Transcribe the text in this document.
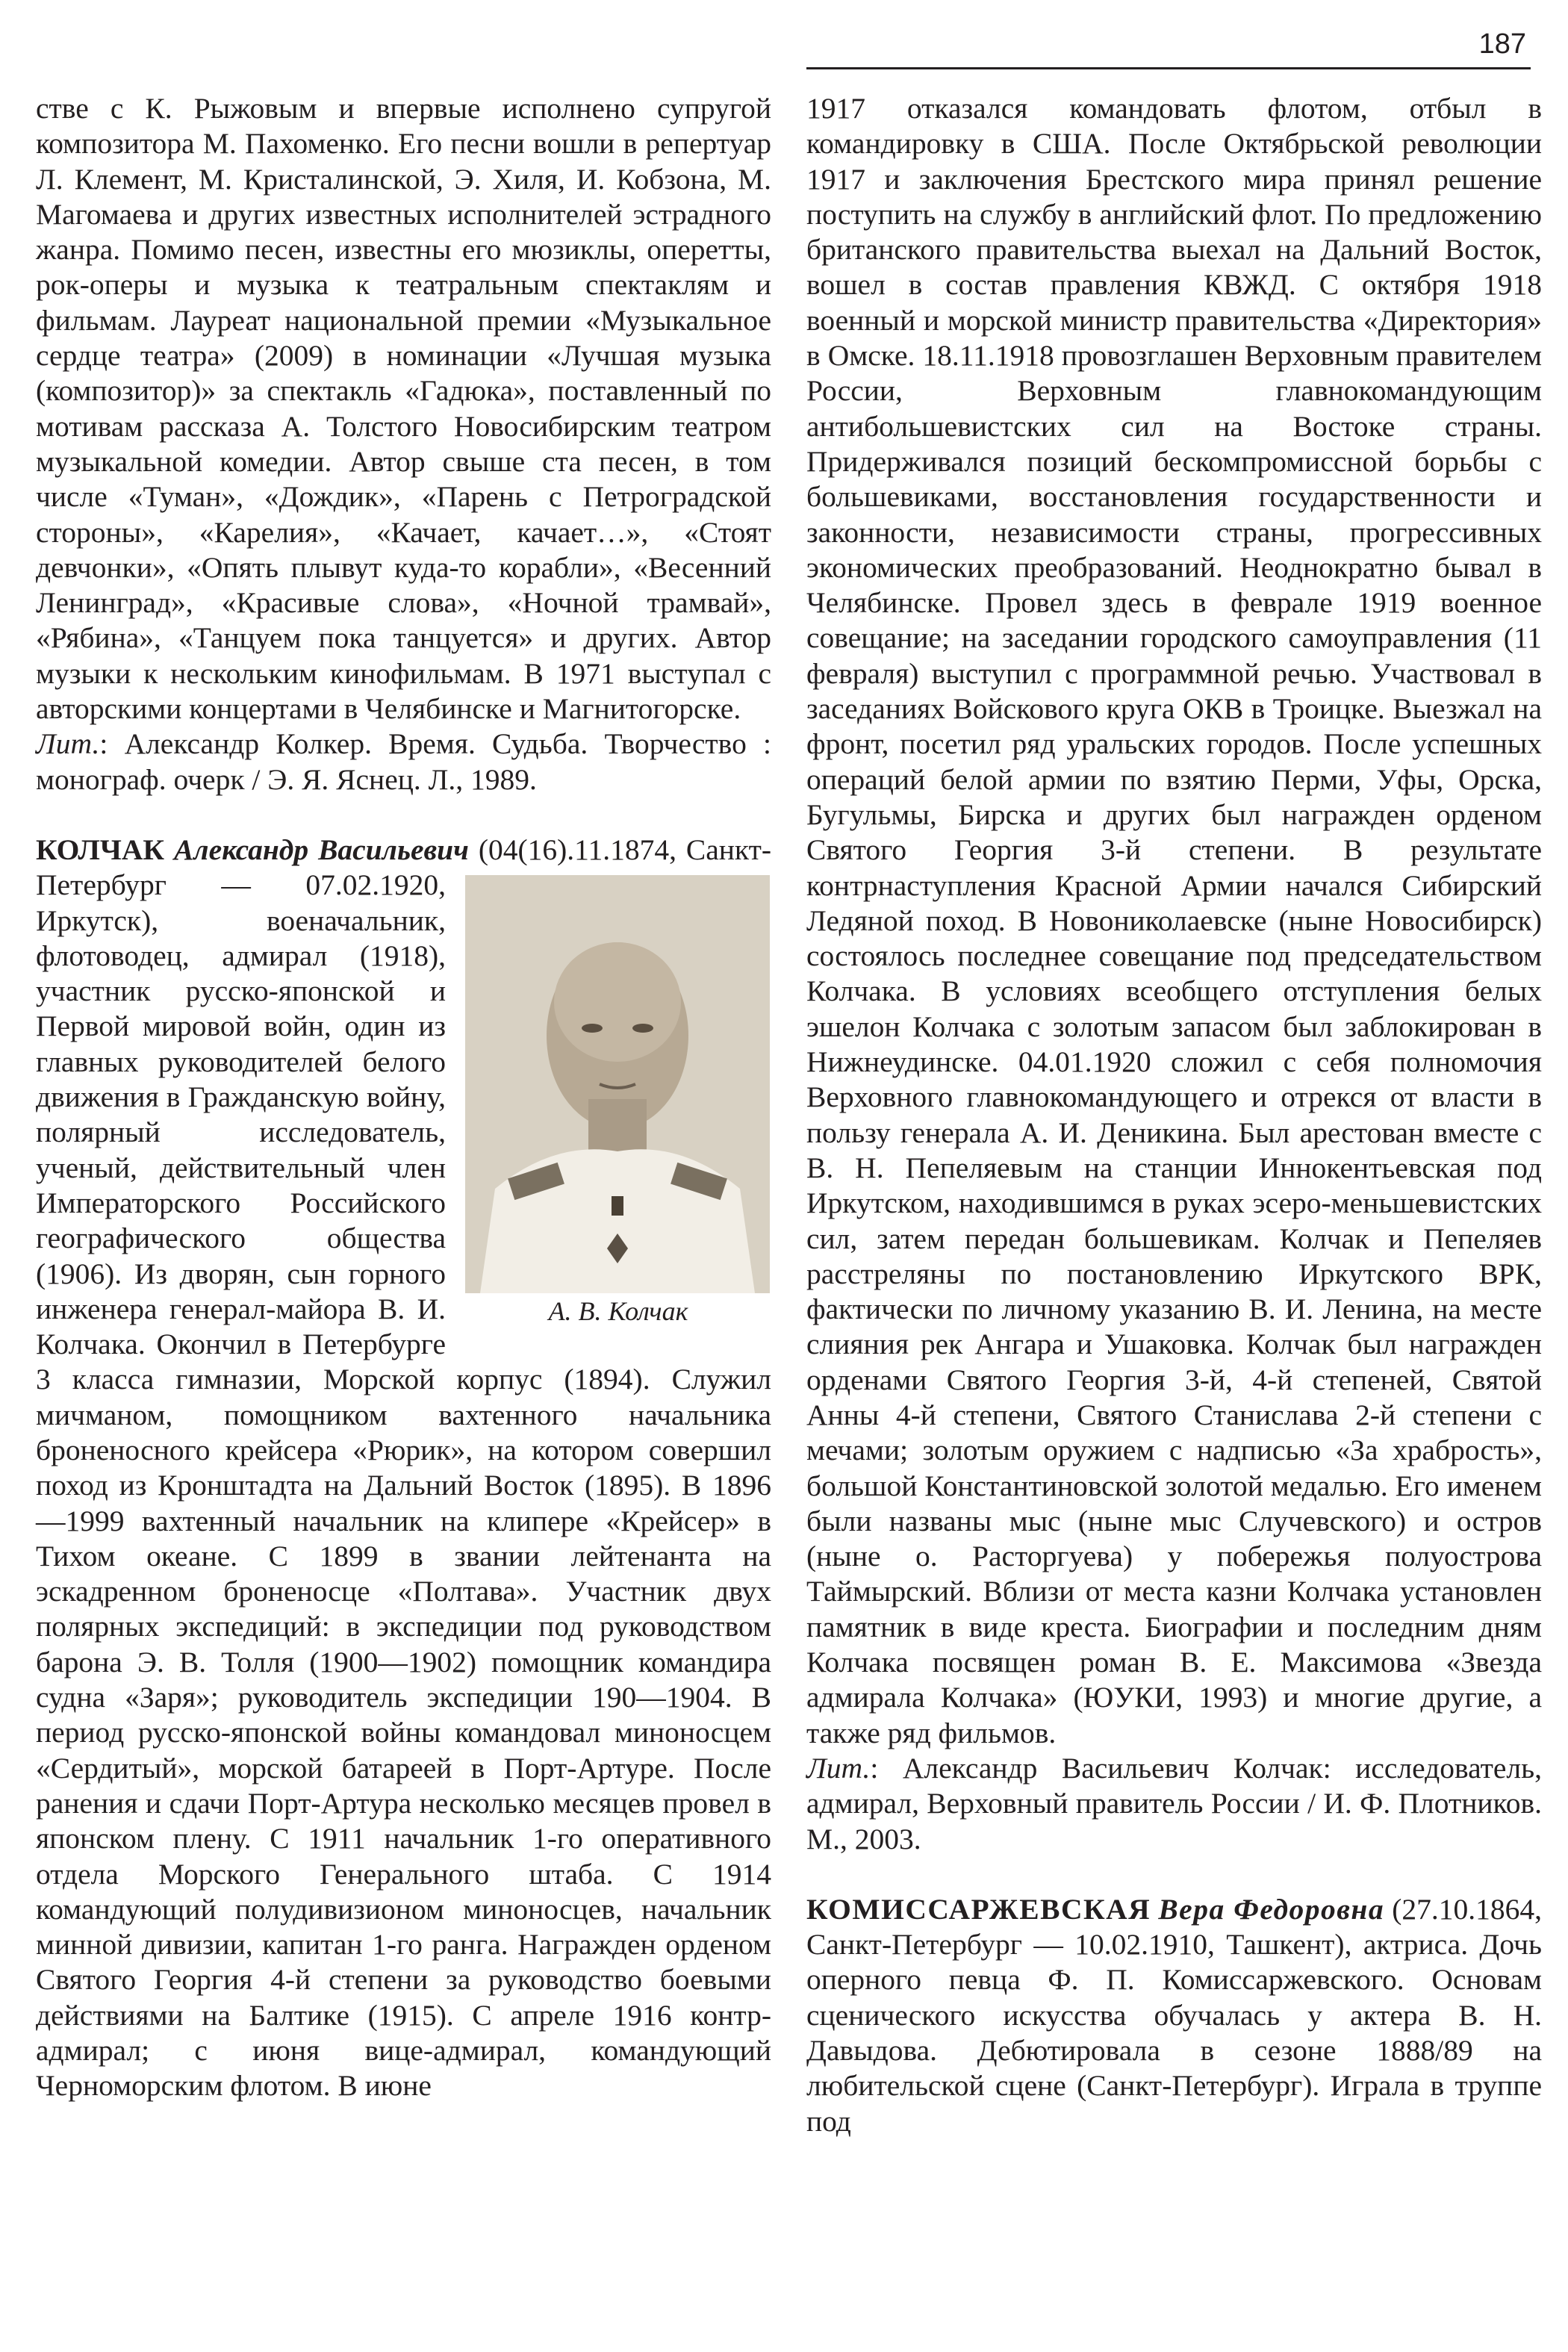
187

стве с К. Рыжовым и впервые исполнено супругой композитора М. Пахоменко. Его песни вошли в репертуар Л. Клемент, М. Кристалинской, Э. Хиля, И. Кобзона, М. Магомаева и других известных исполнителей эстрадного жанра. Помимо песен, известны его мюзиклы, оперетты, рок-оперы и музыка к театральным спектаклям и фильмам. Лауреат национальной премии «Музыкальное сердце театра» (2009) в номинации «Лучшая музыка (композитор)» за спектакль «Гадюка», поставленный по мотивам рассказа А. Толстого Новосибирским театром музыкальной комедии. Автор свыше ста песен, в том числе «Туман», «Дождик», «Парень с Петроградской стороны», «Карелия», «Качает, качает…», «Стоят девчонки», «Опять плывут куда-то корабли», «Весенний Ленинград», «Красивые слова», «Ночной трамвай», «Рябина», «Танцуем пока танцуется» и других. Автор музыки к нескольким кинофильмам. В 1971 выступал с авторскими концертами в Челябинске и Магнитогорске.

Лит.: Александр Колкер. Время. Судьба. Творчество : монограф. очерк / Э. Я. Яснец. Л., 1989.

КОЛЧАК Александр Васильевич
А. В. Колчак
(04(16).11.1874, Санкт-Петербург — 07.02.1920, Иркутск), военачальник, флотоводец, адмирал (1918), участник русско-японской и Первой мировой войн, один из главных руководителей белого движения в Гражданскую войну, полярный исследователь, ученый, действительный член Императорского Российского географического общества (1906). Из дворян, сын горного инженера генерал-майора В. И. Колчака. Окончил в Петербурге 3 класса гимназии, Морской корпус (1894). Служил мичманом, помощником вахтенного начальника броненосного крейсера «Рюрик», на котором совершил поход из Кронштадта на Дальний Восток (1895). В 1896—1999 вахтенный начальник на клипере «Крейсер» в Тихом океане. С 1899 в звании лейтенанта на эскадренном броненосце «Полтава». Участник двух полярных экспедиций: в экспедиции под руководством барона Э. В. Толля (1900—1902) помощник командира судна «Заря»; руководитель экспедиции 190—1904. В период русско-японской войны командовал миноносцем «Сердитый», морской батареей в Порт-Артуре. После ранения и сдачи Порт-Артура несколько месяцев провел в японском плену. С 1911 начальник 1-го оперативного отдела Морского Генерального штаба. С 1914 командующий полудивизионом миноносцев, начальник минной дивизии, капитан 1-го ранга. Награжден орденом Святого Георгия 4-й степени за руководство боевыми действиями на Балтике (1915). С апреле 1916 контр-адмирал; с июня вице-адмирал, командующий Черноморским флотом. В июне

1917 отказался командовать флотом, отбыл в командировку в США. После Октябрьской революции 1917 и заключения Брестского мира принял решение поступить на службу в английский флот. По предложению британского правительства выехал на Дальний Восток, вошел в состав правления КВЖД. С октября 1918 военный и морской министр правительства «Директория» в Омске. 18.11.1918 провозглашен Верховным правителем России, Верховным главнокомандующим антибольшевистских сил на Востоке страны. Придерживался позиций бескомпромиссной борьбы с большевиками, восстановления государственности и законности, независимости страны, прогрессивных экономических преобразований. Неоднократно бывал в Челябинске. Провел здесь в феврале 1919 военное совещание; на заседании городского самоуправления (11 февраля) выступил с программной речью. Участвовал в заседаниях Войскового круга ОКВ в Троицке. Выезжал на фронт, посетил ряд уральских городов. После успешных операций белой армии по взятию Перми, Уфы, Орска, Бугульмы, Бирска и других был награжден орденом Святого Георгия 3-й степени. В результате контрнаступления Красной Армии начался Сибирский Ледяной поход. В Новониколаевске (ныне Новосибирск) состоялось последнее совещание под председательством Колчака. В условиях всеобщего отступления белых эшелон Колчака с золотым запасом был заблокирован в Нижнеудинске. 04.01.1920 сложил с себя полномочия Верховного главнокомандующего и отрекся от власти в пользу генерала А. И. Деникина. Был арестован вместе с В. Н. Пепеляевым на станции Иннокентьевская под Иркутском, находившимся в руках эсеро-меньшевистских сил, затем передан большевикам. Колчак и Пепеляев расстреляны по постановлению Иркутского ВРК, фактически по личному указанию В. И. Ленина, на месте слияния рек Ангара и Ушаковка. Колчак был награжден орденами Святого Георгия 3-й, 4-й степеней, Святой Анны 4-й степени, Святого Станислава 2-й степени с мечами; золотым оружием с надписью «За храбрость», большой Константиновской золотой медалью. Его именем были названы мыс (ныне мыс Случевского) и остров (ныне о. Расторгуева) у побережья полуострова Таймырский. Вблизи от места казни Колчака установлен памятник в виде креста. Биографии и последним дням Колчака посвящен роман В. Е. Максимова «Звезда адмирала Колчака» (ЮУКИ, 1993) и многие другие, а также ряд фильмов.

Лит.: Александр Васильевич Колчак: исследователь, адмирал, Верховный правитель России / И. Ф. Плотников. М., 2003.

КОМИССАРЖЕВСКАЯ Вера Федоровна (27.10.1864, Санкт-Петербург — 10.02.1910, Ташкент), актриса. Дочь оперного певца Ф. П. Комиссаржевского. Основам сценического искусства обучалась у актера В. Н. Давыдова. Дебютировала в сезоне 1888/89 на любительской сцене (Санкт-Петербург). Играла в труппе под
